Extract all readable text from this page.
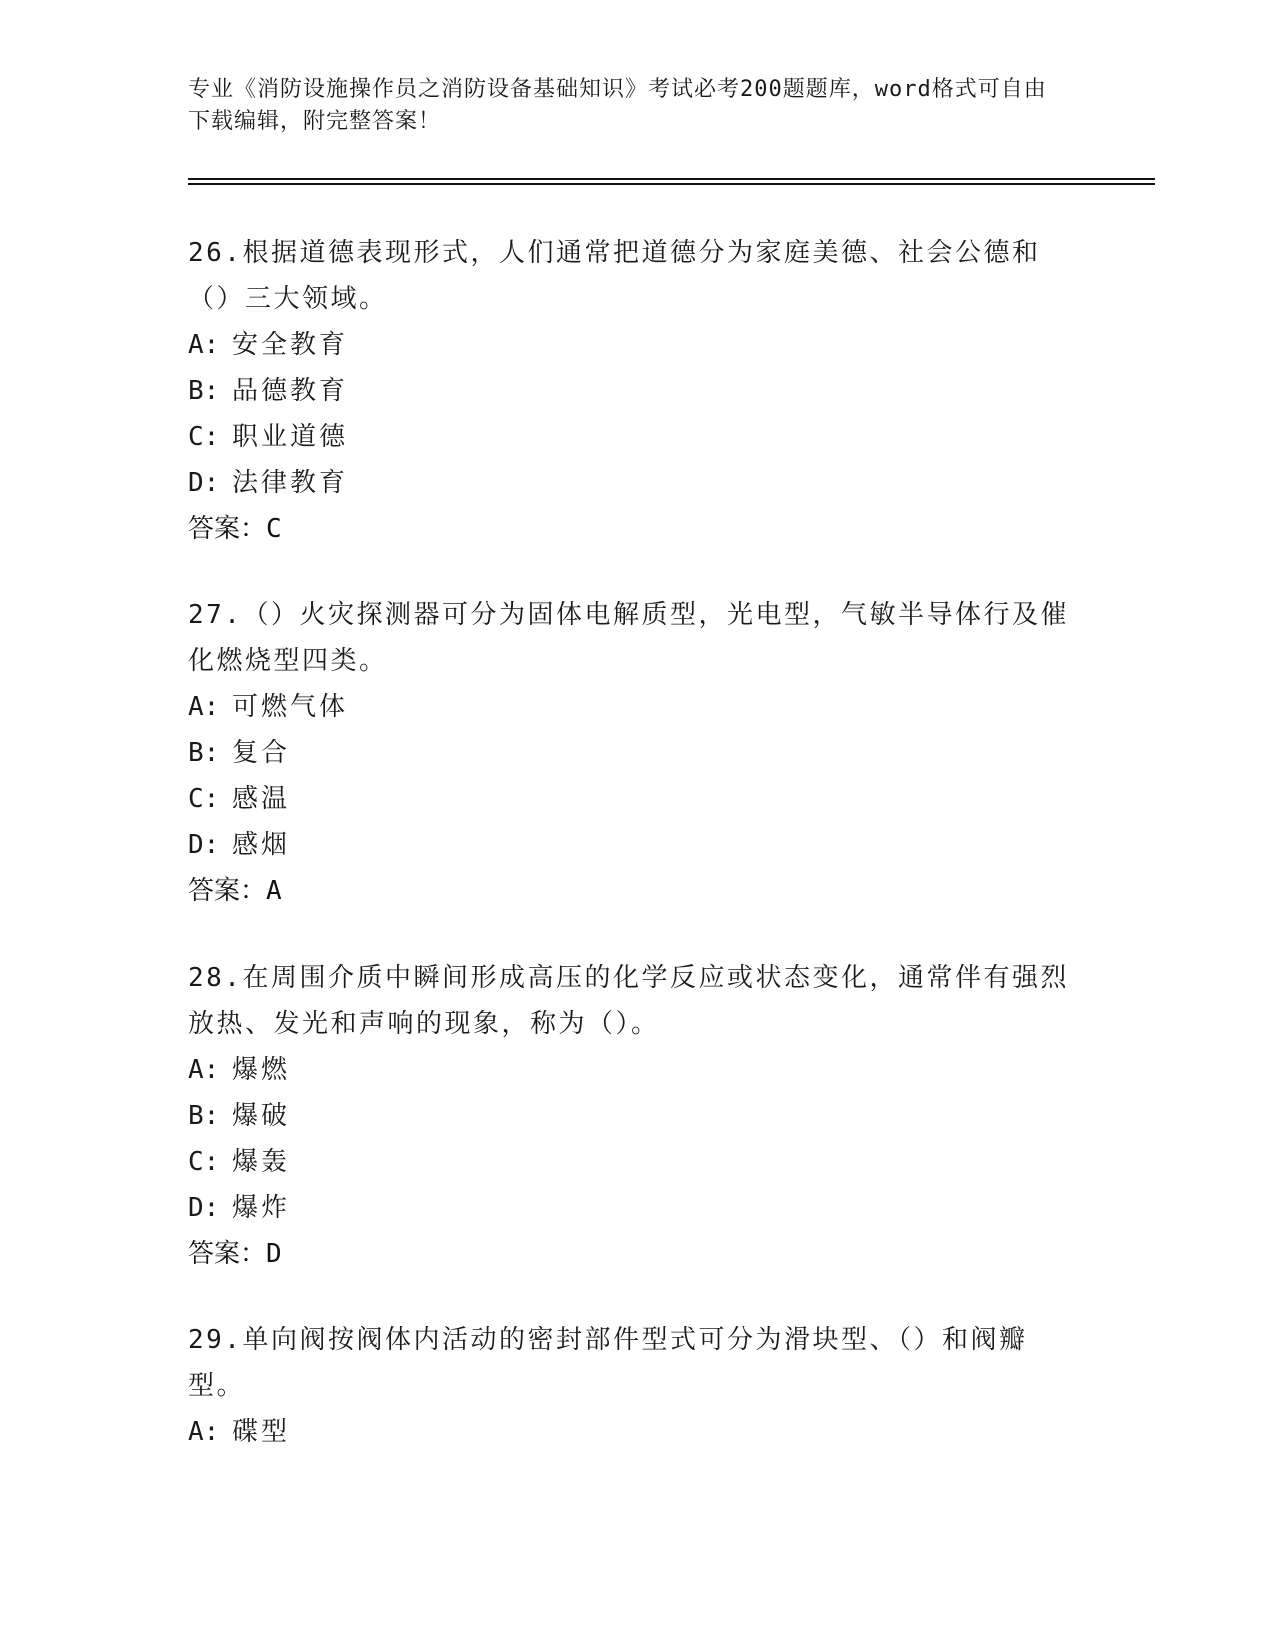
专业《消防设施操作员之消防设备基础知识》考试必考200题题库，word格式可自由下载编辑，附完整答案！

26.根据道德表现形式，人们通常把道德分为家庭美德、社会公德和（）三大领域。

A: 安全教育

B: 品德教育

C: 职业道德

D: 法律教育

答案：C

27.（）火灾探测器可分为固体电解质型，光电型，气敏半导体行及催化燃烧型四类。

A: 可燃气体

B: 复合

C: 感温

D: 感烟

答案：A

28.在周围介质中瞬间形成高压的化学反应或状态变化，通常伴有强烈放热、发光和声响的现象，称为（）。

A: 爆燃

B: 爆破

C: 爆轰

D: 爆炸

答案：D

29.单向阀按阀体内活动的密封部件型式可分为滑块型、（）和阀瓣型。

A: 碟型
